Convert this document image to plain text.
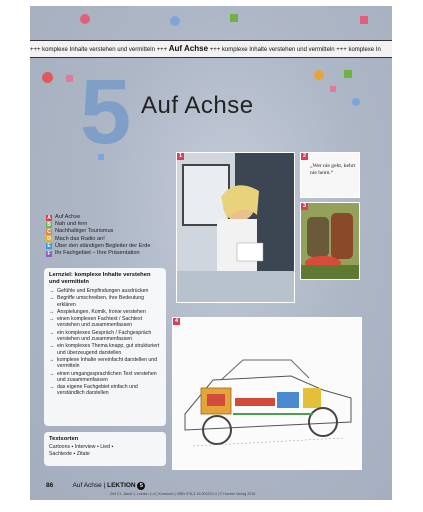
+++ komplexe Inhalte verstehen und vermitteln +++ Auf Achse +++ komplexe Inhalte verstehen und vermitteln +++ komplexe In
5 Auf Achse
A Auf Achse
B Nah und fern
C Nachhaltiger Tourismus
D Mach das Radio an!
E Über den ständigen Begleiter der Erde
F Ihr Fachgebiet – Ihre Präsentation
Lernziel: komplexe Inhalte verstehen und vermitteln
→ Gefühle und Empfindungen ausdrücken
→ Begriffe umschreiben, ihre Bedeutung erklären
→ Anspielungen, Komik, Ironie verstehen
→ einen komplexen Fachtext / Sachtext verstehen und zusammenfassen
→ ein komplexes Gespräch / Fachgespräch verstehen und zusammenfassen
→ ein komplexes Thema knapp, gut strukturiert und überzeugend darstellen
→ komplexe Inhalte vereinfacht darstellen und vermitteln
→ einen umgangssprachlichen Text verstehen und zusammenfassen
→ das eigene Fachgebiet einfach und verständlich darstellen
Textsorten
Cartoons ▪ Interview ▪ Lied ▪
Sachtexte ▪ Zitate
1	2
„Wer nie geht, kehrt nie heim.“
3
4
86	Auf Achse | LEKTION 5
Zeit C1, Band 1, Lektion 1–6 | Kursbuch | ISBN 978-3-19-001670-4 | © Hueber Verlag 2018
